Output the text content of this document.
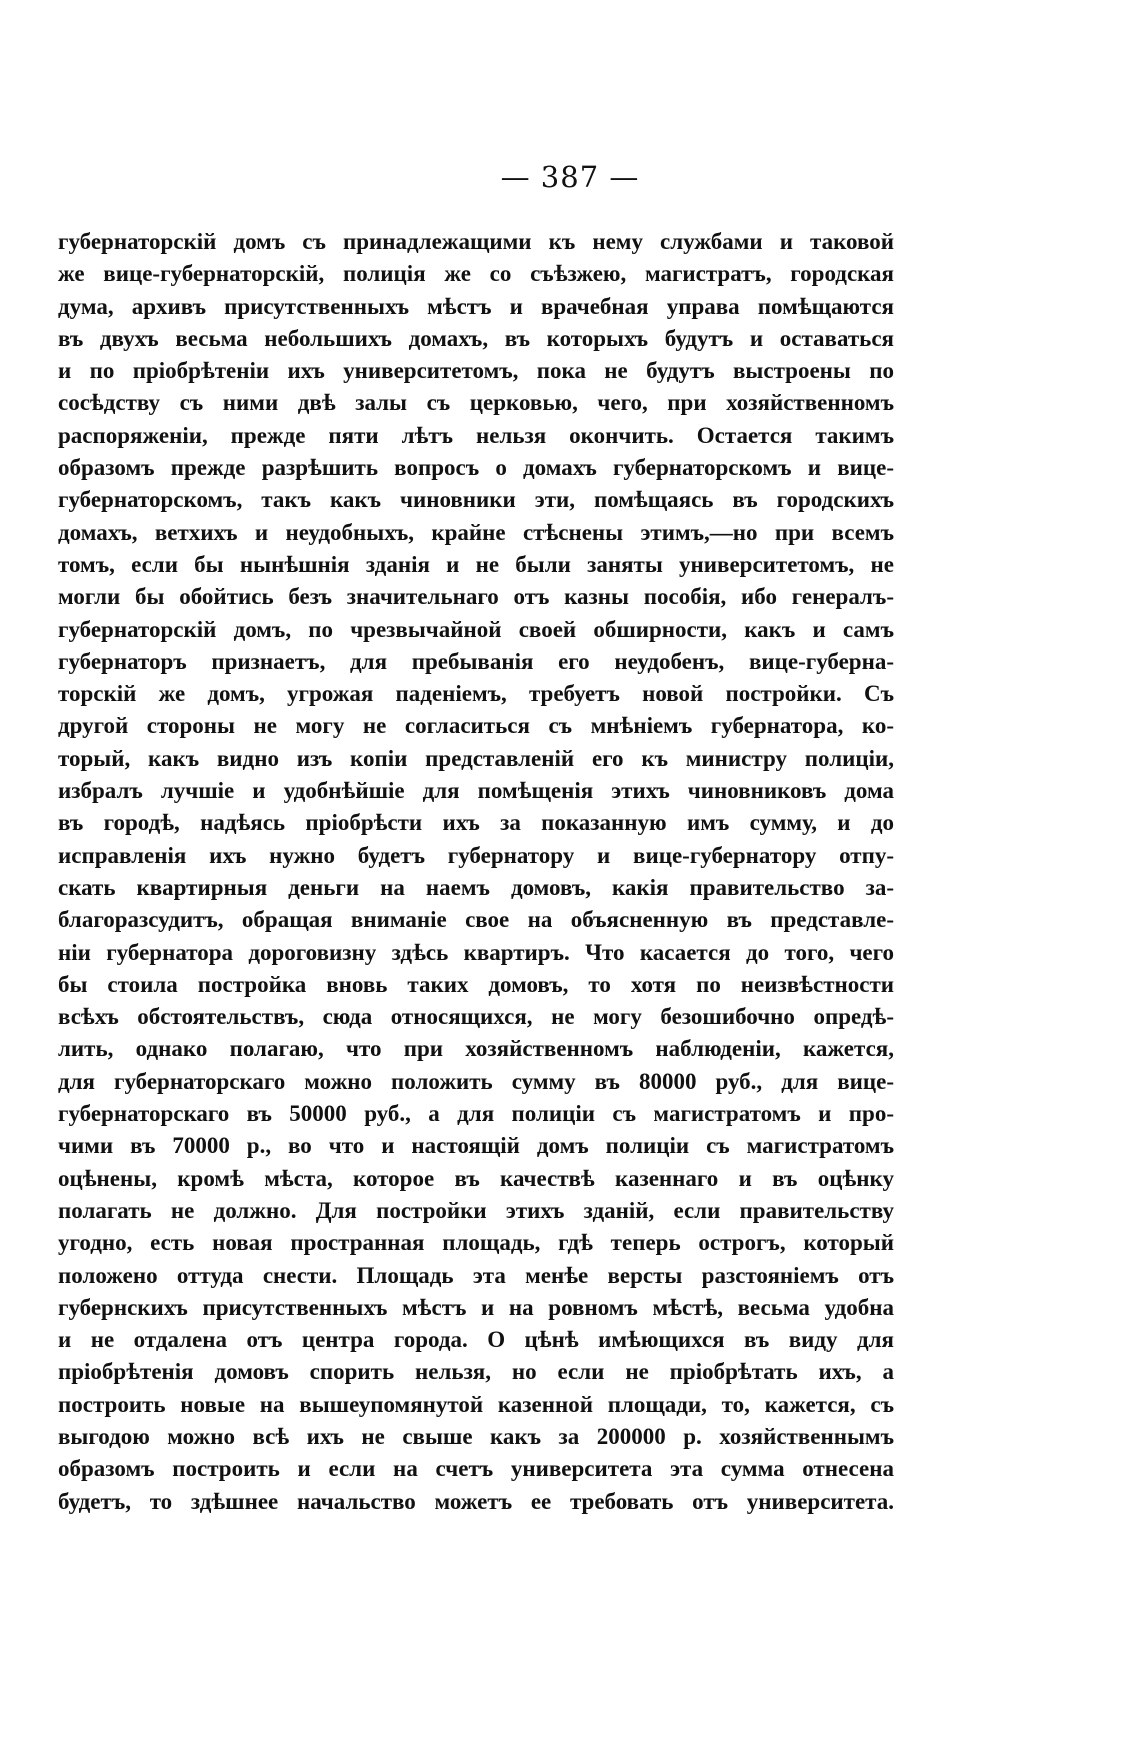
— 387 —
губернаторскій домъ съ принадлежащими къ нему службами и таковой
же вице-губернаторскій, полиція же со съѣзжею, магистратъ, городская
дума, архивъ присутственныхъ мѣстъ и врачебная управа помѣщаются
въ двухъ весьма небольшихъ домахъ, въ которыхъ будутъ и оставаться
и по пріобрѣтеніи ихъ университетомъ, пока не будутъ выстроены по
сосѣдству съ ними двѣ залы съ церковью, чего, при хозяйственномъ
распоряженіи, прежде пяти лѣтъ нельзя окончить. Остается такимъ
образомъ прежде разрѣшить вопросъ о домахъ губернаторскомъ и вице-
губернаторскомъ, такъ какъ чиновники эти, помѣщаясь въ городскихъ
домахъ, ветхихъ и неудобныхъ, крайне стѣснены этимъ,—но при всемъ
томъ, если бы нынѣшнія зданія и не были заняты университетомъ, не
могли бы обойтись безъ значительнаго отъ казны пособія, ибо генералъ-
губернаторскій домъ, по чрезвычайной своей обширности, какъ и самъ
губернаторъ признаетъ, для пребыванія его неудобенъ, вице-губерна-
торскій же домъ, угрожая паденіемъ, требуетъ новой постройки. Съ
другой стороны не могу не согласиться съ мнѣніемъ губернатора, ко-
торый, какъ видно изъ копіи представленій его къ министру полиціи,
избралъ лучшіе и удобнѣйшіе для помѣщенія этихъ чиновниковъ дома
въ городѣ, надѣясь пріобрѣсти ихъ за показанную имъ сумму, и до
исправленія ихъ нужно будетъ губернатору и вице-губернатору отпу-
скать квартирныя деньги на наемъ домовъ, какія правительство за-
благоразсудитъ, обращая вниманіе свое на объясненную въ представле-
ніи губернатора дороговизну здѣсь квартиръ. Что касается до того, чего
бы стоила постройка вновь таких домовъ, то хотя по неизвѣстности
всѣхъ обстоятельствъ, сюда относящихся, не могу безошибочно опредѣ-
лить, однако полагаю, что при хозяйственномъ наблюденіи, кажется,
для губернаторскаго можно положить сумму въ 80000 руб., для вице-
губернаторскаго въ 50000 руб., а для полиціи съ магистратомъ и про-
чими въ 70000 р., во что и настоящій домъ полиціи съ магистратомъ
оцѣнены, кромѣ мѣста, которое въ качествѣ казеннаго и въ оцѣнку
полагать не должно. Для постройки этихъ зданій, если правительству
угодно, есть новая пространная площадь, гдѣ теперь острогъ, который
положено оттуда снести. Площадь эта менѣе версты разстояніемъ отъ
губернскихъ присутственныхъ мѣстъ и на ровномъ мѣстѣ, весьма удобна
и не отдалена отъ центра города. О цѣнѣ имѣющихся въ виду для
пріобрѣтенія домовъ спорить нельзя, но если не пріобрѣтать ихъ, а
построить новые на вышеупомянутой казенной площади, то, кажется, съ
выгодою можно всѣ ихъ не свыше какъ за 200000 р. хозяйственнымъ
образомъ построить и если на счетъ университета эта сумма отнесена
будетъ, то здѣшнее начальство можетъ ее требовать отъ университета.
